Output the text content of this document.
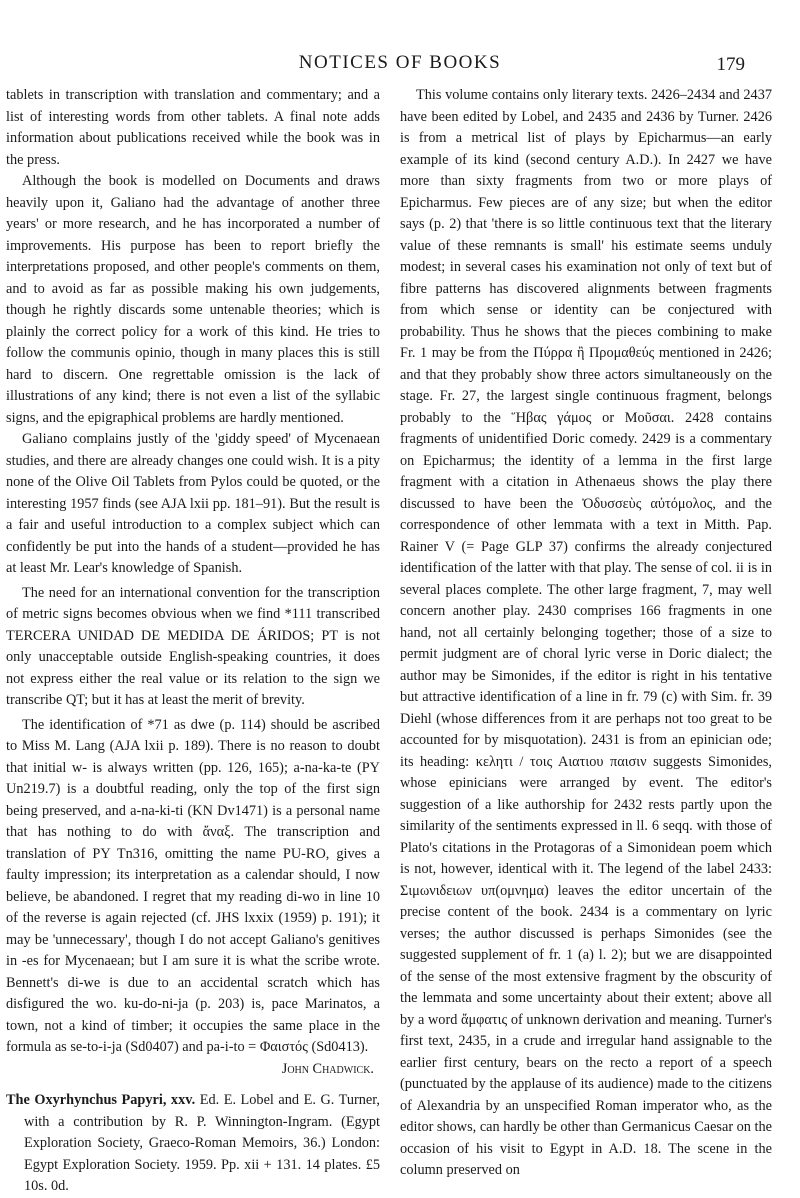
NOTICES OF BOOKS	179

tablets in transcription with translation and commentary; and a list of interesting words from other tablets. A final note adds information about publications received while the book was in the press.

Although the book is modelled on Documents and draws heavily upon it, Galiano had the advantage of another three years' or more research, and he has incorporated a number of improvements. His purpose has been to report briefly the interpretations proposed, and other people's comments on them, and to avoid as far as possible making his own judgements, though he rightly discards some untenable theories; which is plainly the correct policy for a work of this kind. He tries to follow the communis opinio, though in many places this is still hard to discern. One regrettable omission is the lack of illustrations of any kind; there is not even a list of the syllabic signs, and the epigraphical problems are hardly mentioned.

Galiano complains justly of the 'giddy speed' of Mycenaean studies, and there are already changes one could wish. It is a pity none of the Olive Oil Tablets from Pylos could be quoted, or the interesting 1957 finds (see AJA lxii pp. 181–91). But the result is a fair and useful introduction to a complex subject which can confidently be put into the hands of a student—provided he has at least Mr. Lear's knowledge of Spanish.

The need for an international convention for the transcription of metric signs becomes obvious when we find *111 transcribed TERCERA UNIDAD DE MEDIDA DE ÁRIDOS; PT is not only unacceptable outside English-speaking countries, it does not express either the real value or its relation to the sign we transcribe QT; but it has at least the merit of brevity.

The identification of *71 as dwe (p. 114) should be ascribed to Miss M. Lang (AJA lxii p. 189). There is no reason to doubt that initial w- is always written (pp. 126, 165); a-na-ka-te (PY Un219.7) is a doubtful reading, only the top of the first sign being preserved, and a-na-ki-ti (KN Dv1471) is a personal name that has nothing to do with ἄναξ. The transcription and translation of PY Tn316, omitting the name PU-RO, gives a faulty impression; its interpretation as a calendar should, I now believe, be abandoned. I regret that my reading di-wo in line 10 of the reverse is again rejected (cf. JHS lxxix (1959) p. 191); it may be 'unnecessary', though I do not accept Galiano's genitives in -es for Mycenaean; but I am sure it is what the scribe wrote. Bennett's di-we is due to an accidental scratch which has disfigured the wo. ku-do-ni-ja (p. 203) is, pace Marinatos, a town, not a kind of timber; it occupies the same place in the formula as se-to-i-ja (Sd0407) and pa-i-to = Φαιστός (Sd0413).

John Chadwick.

The Oxyrhynchus Papyri, xxv. Ed. E. Lobel and E. G. Turner, with a contribution by R. P. Winnington-Ingram. (Egypt Exploration Society, Graeco-Roman Memoirs, 36.) London: Egypt Exploration Society. 1959. Pp. xii + 131. 14 plates. £5 10s. 0d.

This volume contains only literary texts. 2426–2434 and 2437 have been edited by Lobel, and 2435 and 2436 by Turner. 2426 is from a metrical list of plays by Epicharmus—an early example of its kind (second century A.D.). In 2427 we have more than sixty fragments from two or more plays of Epicharmus. Few pieces are of any size; but when the editor says (p. 2) that 'there is so little continuous text that the literary value of these remnants is small' his estimate seems unduly modest; in several cases his examination not only of text but of fibre patterns has discovered alignments between fragments from which sense or identity can be conjectured with probability. Thus he shows that the pieces combining to make Fr. 1 may be from the Πύρρα ἢ Προμαθεύς mentioned in 2426; and that they probably show three actors simultaneously on the stage. Fr. 27, the largest single continuous fragment, belongs probably to the Ἥβας γάμος or Μοῦσαι. 2428 contains fragments of unidentified Doric comedy. 2429 is a commentary on Epicharmus; the identity of a lemma in the first large fragment with a citation in Athenaeus shows the play there discussed to have been the Ὀδυσσεὺς αὐτόμολος, and the correspondence of other lemmata with a text in Mitth. Pap. Rainer V (= Page GLP 37) confirms the already conjectured identification of the latter with that play. The sense of col. ii is in several places complete. The other large fragment, 7, may well concern another play. 2430 comprises 166 fragments in one hand, not all certainly belonging together; those of a size to permit judgment are of choral lyric verse in Doric dialect; the author may be Simonides, if the editor is right in his tentative but attractive identification of a line in fr. 79 (c) with Sim. fr. 39 Diehl (whose differences from it are perhaps not too great to be accounted for by misquotation). 2431 is from an epinician ode; its heading: κελητι / τοις Αιατιου παισιν suggests Simonides, whose epinicians were arranged by event. The editor's suggestion of a like authorship for 2432 rests partly upon the similarity of the sentiments expressed in ll. 6 seqq. with those of Plato's citations in the Protagoras of a Simonidean poem which is not, however, identical with it. The legend of the label 2433: Σιμωνιδειων υπ(ομνημα) leaves the editor uncertain of the precise content of the book. 2434 is a commentary on lyric verses; the author discussed is perhaps Simonides (see the suggested supplement of fr. 1 (a) l. 2); but we are disappointed of the sense of the most extensive fragment by the obscurity of the lemmata and some uncertainty about their extent; above all by a word ἄμφατις of unknown derivation and meaning. Turner's first text, 2435, in a crude and irregular hand assignable to the earlier first century, bears on the recto a report of a speech (punctuated by the applause of its audience) made to the citizens of Alexandria by an unspecified Roman imperator who, as the editor shows, can hardly be other than Germanicus Caesar on the occasion of his visit to Egypt in A.D. 18. The scene in the column preserved on
